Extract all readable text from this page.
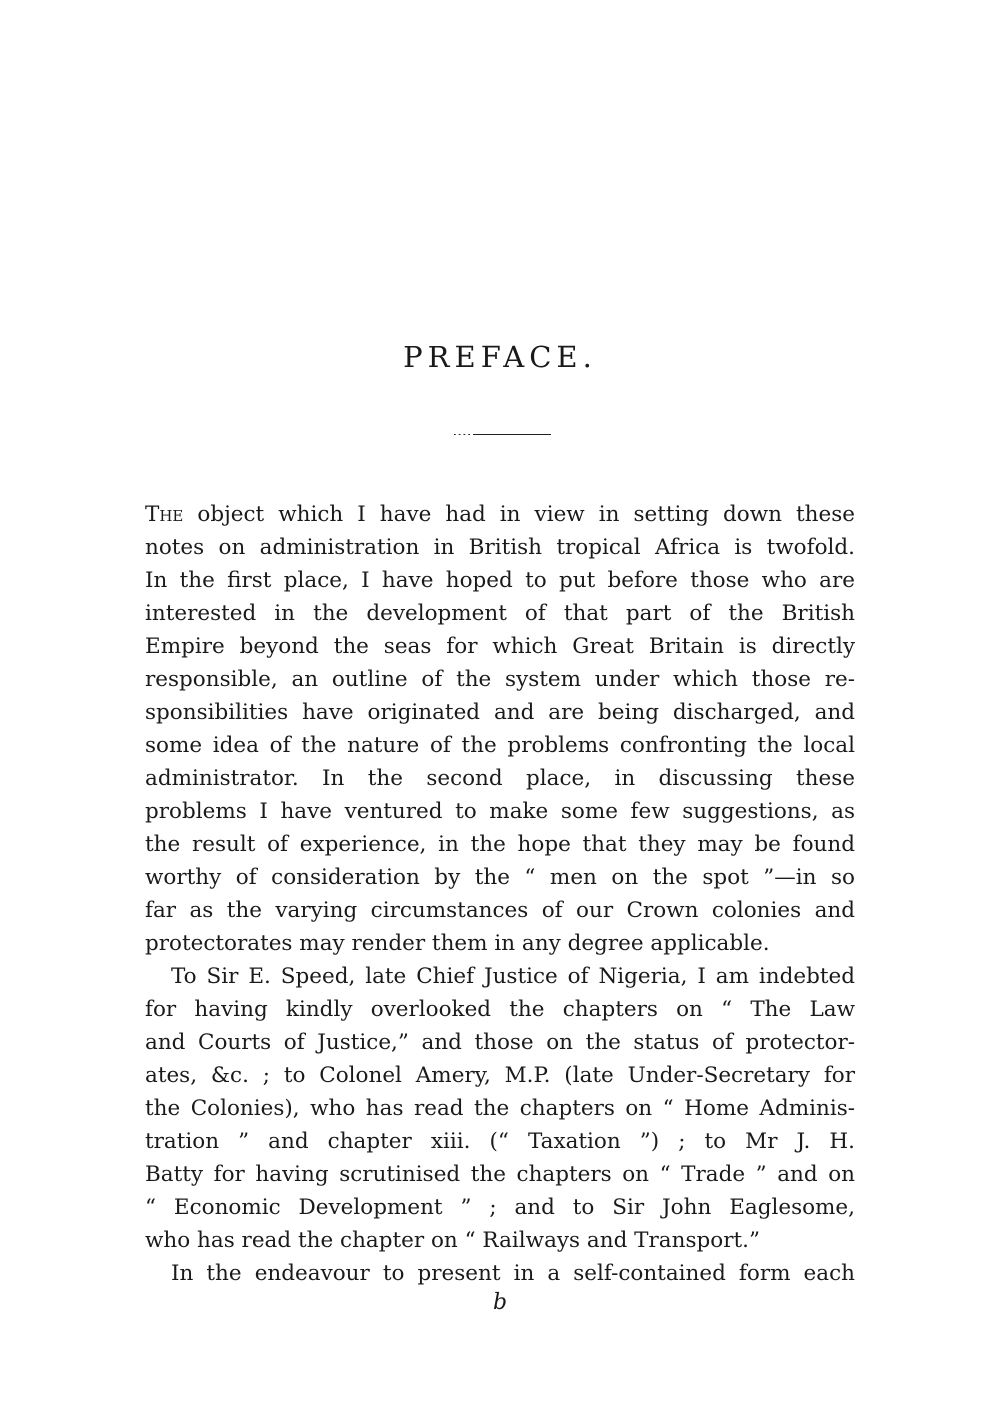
PREFACE.
The object which I have had in view in setting down these
notes on administration in British tropical Africa is twofold.
In the first place, I have hoped to put before those who are
interested in the development of that part of the British
Empire beyond the seas for which Great Britain is directly
responsible, an outline of the system under which those re-
sponsibilities have originated and are being discharged, and
some idea of the nature of the problems confronting the local
administrator. In the second place, in discussing these
problems I have ventured to make some few suggestions, as
the result of experience, in the hope that they may be found
worthy of consideration by the “ men on the spot ”—in so
far as the varying circumstances of our Crown colonies and
protectorates may render them in any degree applicable.
To Sir E. Speed, late Chief Justice of Nigeria, I am indebted
for having kindly overlooked the chapters on “ The Law
and Courts of Justice,” and those on the status of protector-
ates, &c. ; to Colonel Amery, M.P. (late Under-Secretary for
the Colonies), who has read the chapters on “ Home Adminis-
tration ” and chapter xiii. (“ Taxation ”) ; to Mr J. H.
Batty for having scrutinised the chapters on “ Trade ” and on
“ Economic Development ” ; and to Sir John Eaglesome,
who has read the chapter on “ Railways and Transport.”
In the endeavour to present in a self-contained form each
b
